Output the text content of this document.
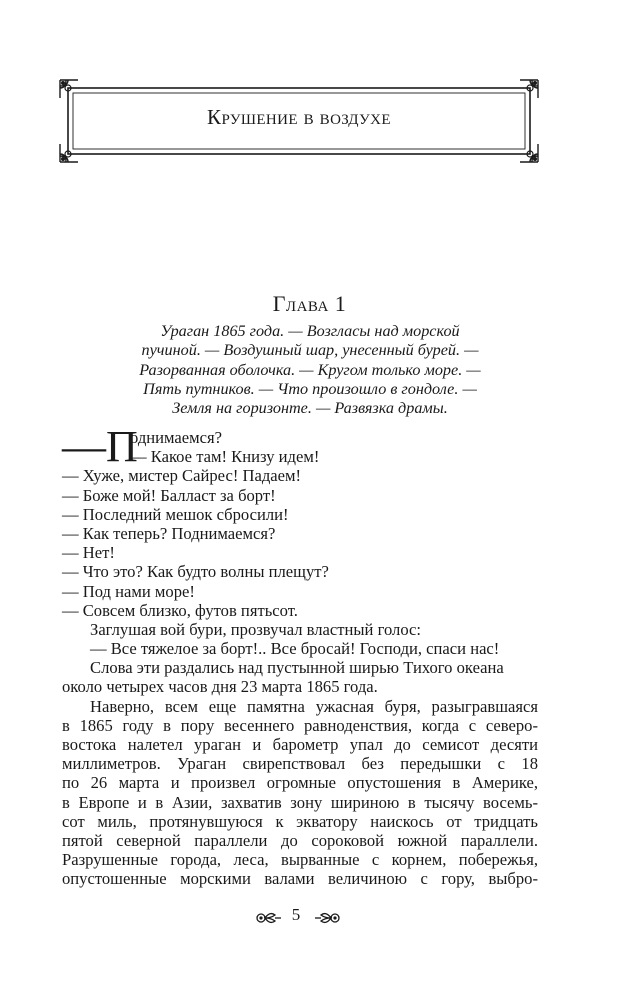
Крушение в воздухе
Глава 1
Ураган 1865 года. — Возгласы над морской
пучиной. — Воздушный шар, унесенный бурей. —
Разорванная оболочка. — Кругом только море. —
Пять путников. — Что произошло в гондоле. —
Земля на горизонте. — Развязка драмы.
—П
однимаемся?
— Какое там! Книзу идем!
— Хуже, мистер Сайрес! Падаем!
— Боже мой! Балласт за борт!
— Последний мешок сбросили!
— Как теперь? Поднимаемся?
— Нет!
— Что это? Как будто волны плещут?
— Под нами море!
— Совсем близко, футов пятьсот.
Заглушая вой бури, прозвучал властный голос:
— Все тяжелое за борт!.. Все бросай! Господи, спаси нас!
Слова эти раздались над пустынной ширью Тихого океана
около четырех часов дня 23 марта 1865 года.
Наверно, всем еще памятна ужасная буря, разыгравшаяся
в 1865 году в пору весеннего равноденствия, когда с северо-
востока налетел ураган и барометр упал до семисот десяти
миллиметров. Ураган свирепствовал без передышки с 18
по 26 марта и произвел огромные опустошения в Америке,
в Европе и в Азии, захватив зону шириною в тысячу восемь-
сот миль, протянувшуюся к экватору наискось от тридцать
пятой северной параллели до сороковой южной параллели.
Разрушенные города, леса, вырванные с корнем, побережья,
опустошенные морскими валами величиною с гору, выбро-
5
